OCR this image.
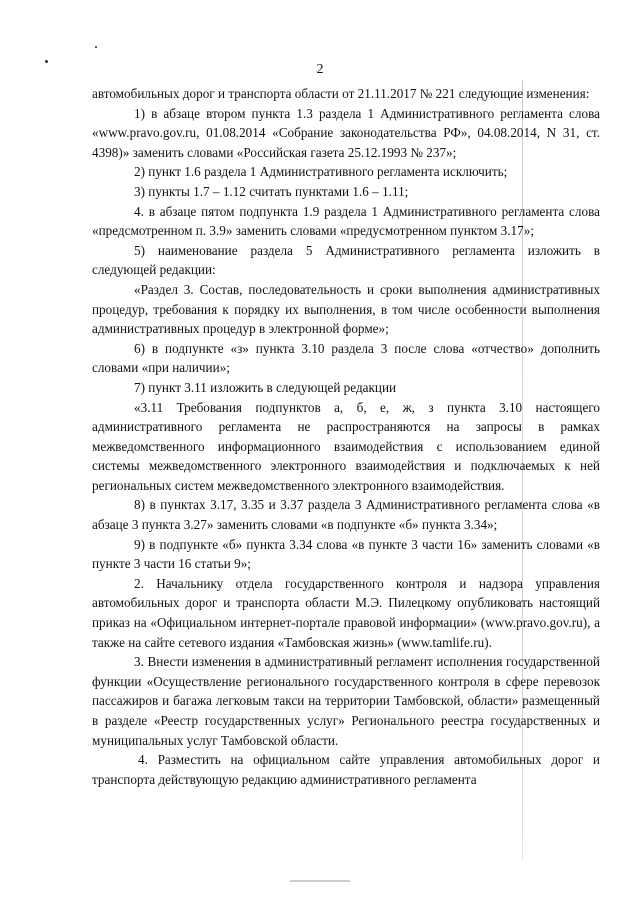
2

автомобильных дорог и транспорта области от 21.11.2017 № 221 следующие изменения:

1) в абзаце втором пункта 1.3 раздела 1 Административного регламента слова «www.pravo.gov.ru, 01.08.2014 «Собрание законодательства РФ», 04.08.2014, N 31, ст. 4398)» заменить словами «Российская газета 25.12.1993 № 237»;

2) пункт 1.6 раздела 1 Административного регламента исключить;

3) пункты 1.7 – 1.12 считать пунктами 1.6 – 1.11;

4. в абзаце пятом подпункта 1.9 раздела 1 Административного регламента слова «предсмотренном п. 3.9» заменить словами «предусмотренном пунктом 3.17»;

5) наименование раздела 5 Административного регламента изложить в следующей редакции:

«Раздел 3. Состав, последовательность и сроки выполнения административных процедур, требования к порядку их выполнения, в том числе особенности выполнения административных процедур в электронной форме»;

6) в подпункте «з» пункта 3.10 раздела 3 после слова «отчество» дополнить словами «при наличии»;

7) пункт 3.11 изложить в следующей редакции

«3.11 Требования подпунктов а, б, е, ж, з пункта 3.10 настоящего административного регламента не распространяются на запросы в рамках межведомственного информационного взаимодействия с использованием единой системы межведомственного электронного взаимодействия и подключаемых к ней региональных систем межведомственного электронного взаимодействия.

8) в пунктах 3.17, 3.35 и 3.37 раздела 3 Административного регламента слова «в абзаце 3 пункта 3.27» заменить словами «в подпункте «б» пункта 3.34»;

9) в подпункте «б» пункта 3.34 слова «в пункте 3 части 16» заменить словами «в пункте 3 части 16 статьи 9»;

2. Начальнику отдела государственного контроля и надзора управления автомобильных дорог и транспорта области М.Э. Пилецкому опубликовать настоящий приказ на «Официальном интернет-портале правовой информации» (www.pravo.gov.ru), а также на сайте сетевого издания «Тамбовская жизнь» (www.tamlife.ru).

3. Внести изменения в административный регламент исполнения государственной функции «Осуществление регионального государственного контроля в сфере перевозок пассажиров и багажа легковым такси на территории Тамбовской, области» размещенный в разделе «Реестр государственных услуг» Регионального реестра государственных и муниципальных услуг Тамбовской области.

4. Разместить на официальном сайте управления автомобильных дорог и транспорта действующую редакцию административного регламента
